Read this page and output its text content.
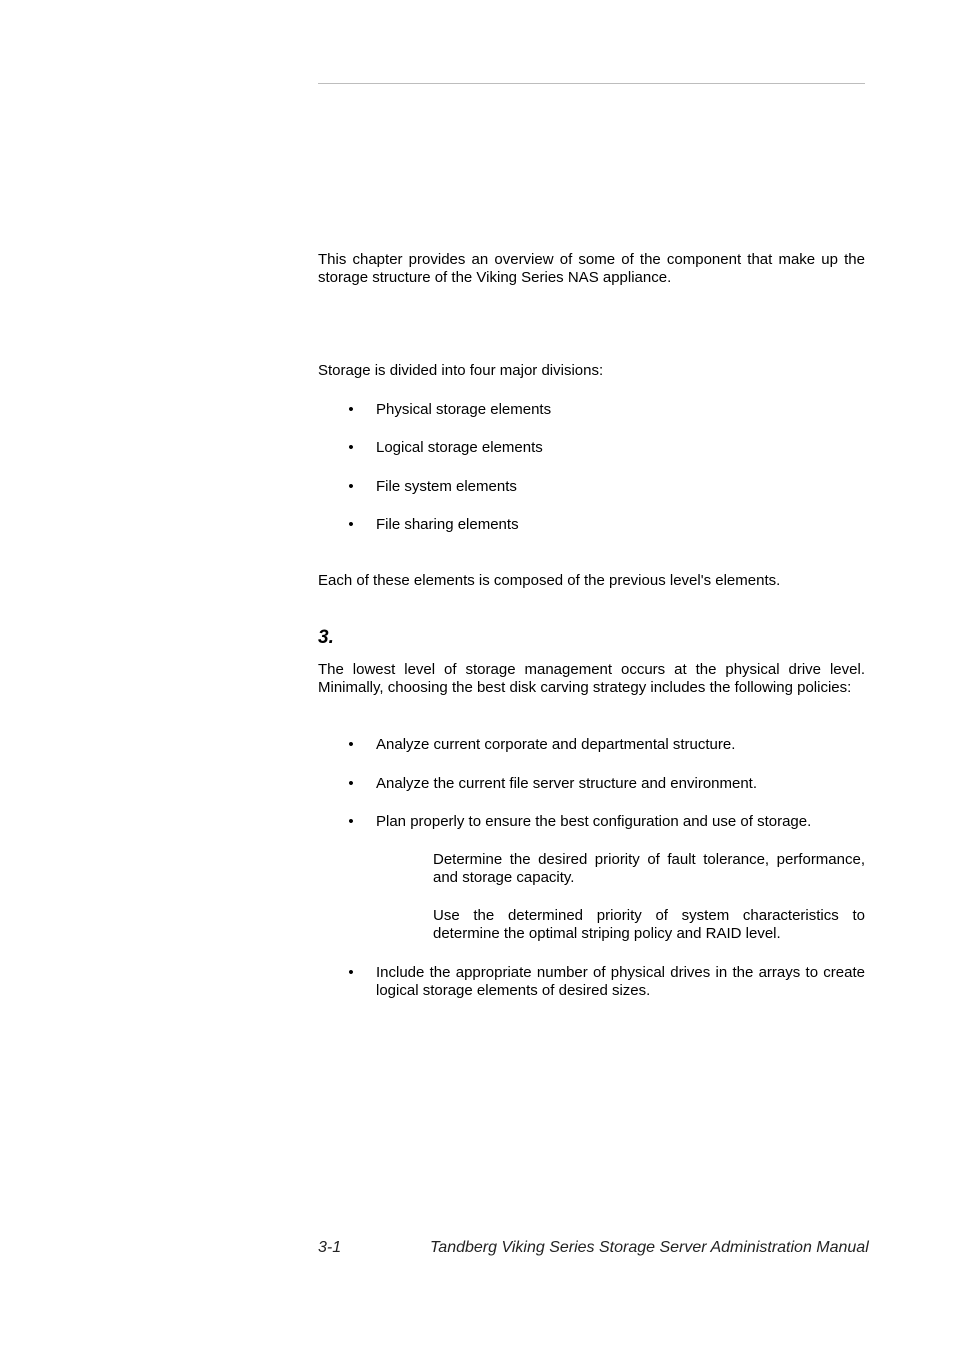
This chapter provides an overview of some of the component that make up the storage structure of the Viking Series NAS appliance.

Storage is divided into four major divisions:

• Physical storage elements
• Logical storage elements
• File system elements
• File sharing elements

Each of these elements is composed of the previous level's elements.

3.

The lowest level of storage management occurs at the physical drive level. Minimally, choosing the best disk carving strategy includes the following policies:

• Analyze current corporate and departmental structure.
• Analyze the current file server structure and environment.
• Plan properly to ensure the best configuration and use of storage.
Determine the desired priority of fault tolerance, performance, and storage capacity.
Use the determined priority of system characteristics to determine the optimal striping policy and RAID level.
• Include the appropriate number of physical drives in the arrays to create logical storage elements of desired sizes.
3-1	Tandberg Viking Series Storage Server Administration Manual
